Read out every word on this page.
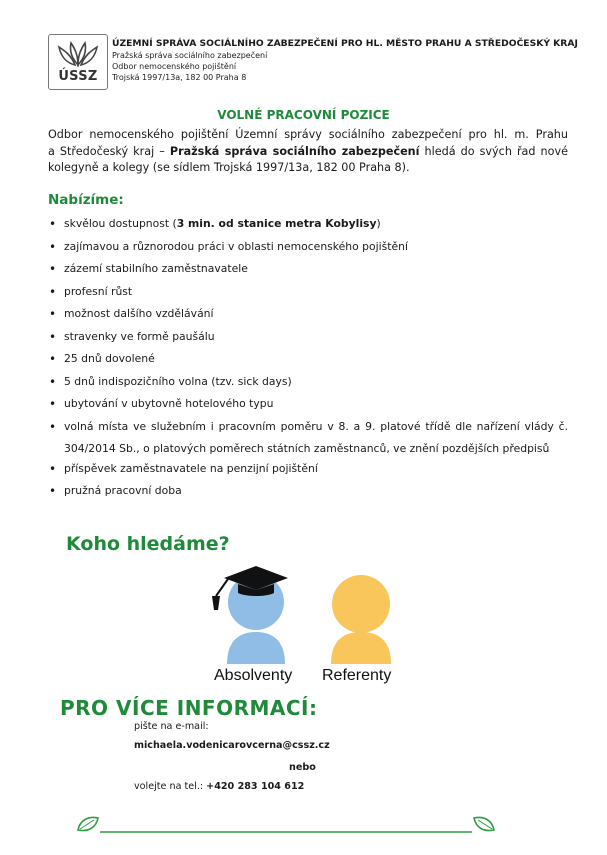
ÚSSZ
ÚZEMNÍ SPRÁVA SOCIÁLNÍHO ZABEZPEČENÍ PRO HL. MĚSTO PRAHU A STŘEDOČESKÝ KRAJ
Pražská správa sociálního zabezpečení
Odbor nemocenského pojištění
Trojská 1997/13a, 182 00 Praha 8
VOLNÉ PRACOVNÍ POZICE
Odbor nemocenského pojištění Územní správy sociálního zabezpečení pro hl. m. Prahu
a Středočeský kraj – Pražská správa sociálního zabezpečení hledá do svých řad nové kolegyně a kolegy (se sídlem Trojská 1997/13a, 182 00 Praha 8).
Nabízíme:
• skvělou dostupnost (3 min. od stanice metra Kobylisy)
• zajímavou a různorodou práci v oblasti nemocenského pojištění
• zázemí stabilního zaměstnavatele
• profesní růst
• možnost dalšího vzdělávání
• stravenky ve formě paušálu
• 25 dnů dovolené
• 5 dnů indispozičního volna (tzv. sick days)
• ubytování v ubytovně hotelového typu
• volná místa ve služebním i pracovním poměru v 8. a 9. platové třídě dle nařízení vlády č. 304/2014 Sb., o platových poměrech státních zaměstnanců, ve znění pozdějších předpisů
• příspěvek zaměstnavatele na penzijní pojištění
• pružná pracovní doba
Koho hledáme?
Absolventy Referenty
PRO VÍCE INFORMACÍ:
pište na e-mail:
michaela.vodenicarovcerna@cssz.cz
nebo
volejte na tel.: +420 283 104 612
